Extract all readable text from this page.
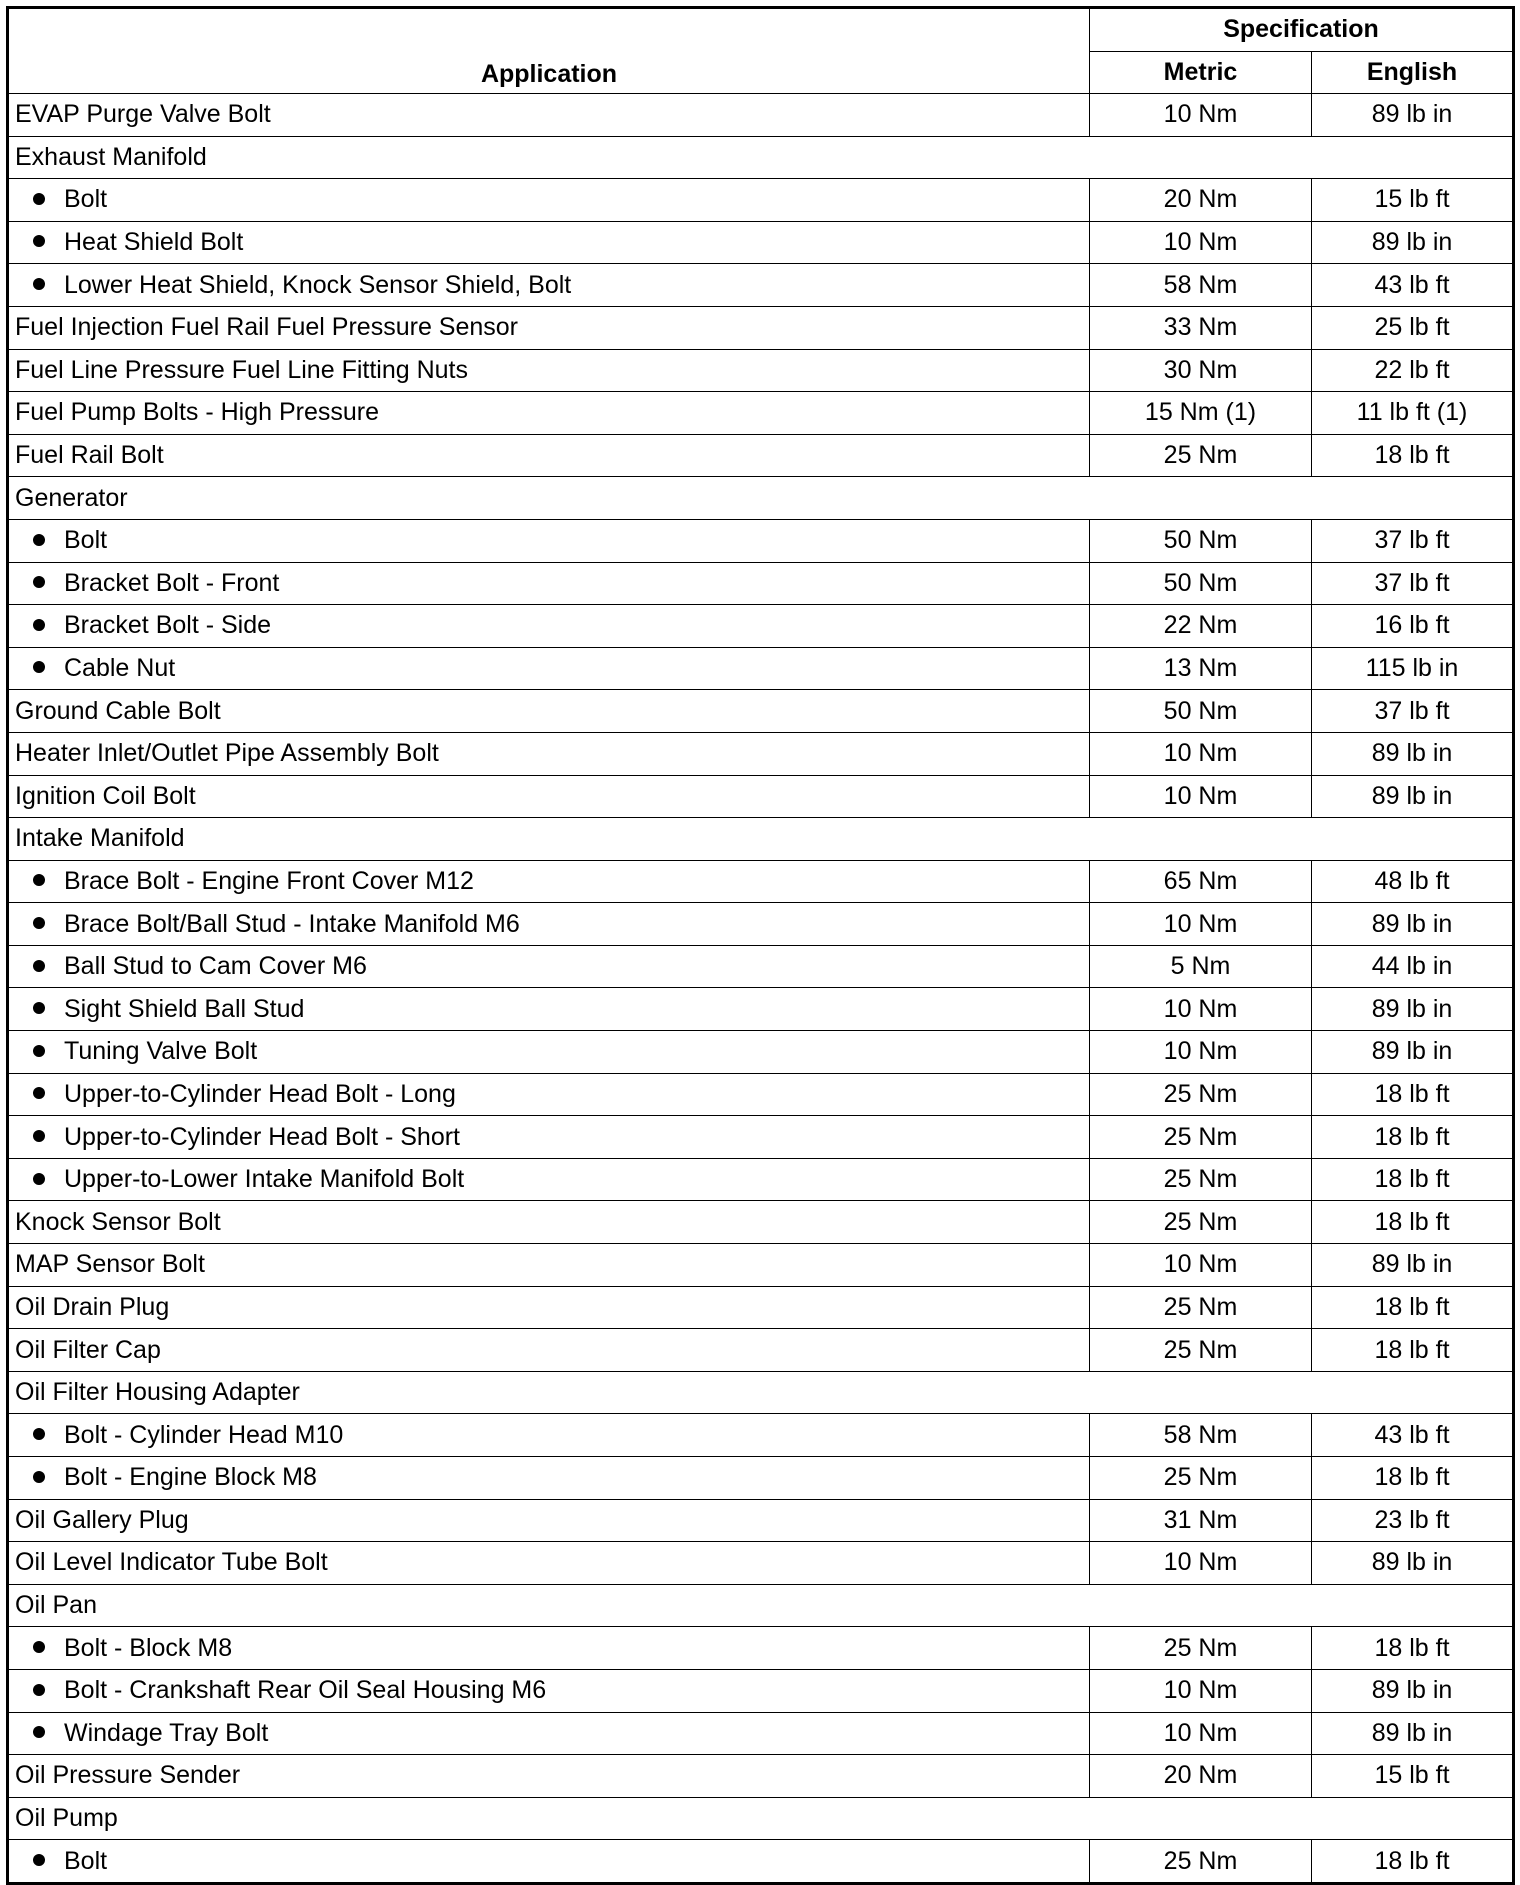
Application	Specification	
	Metric	English
EVAP Purge Valve Bolt	10 Nm	89 lb in
Exhaust Manifold		
Bolt	20 Nm	15 lb ft
Heat Shield Bolt	10 Nm	89 lb in
Lower Heat Shield, Knock Sensor Shield, Bolt	58 Nm	43 lb ft
Fuel Injection Fuel Rail Fuel Pressure Sensor	33 Nm	25 lb ft
Fuel Line Pressure Fuel Line Fitting Nuts	30 Nm	22 lb ft
Fuel Pump Bolts - High Pressure	15 Nm (1)	11 lb ft (1)
Fuel Rail Bolt	25 Nm	18 lb ft
Generator		
Bolt	50 Nm	37 lb ft
Bracket Bolt - Front	50 Nm	37 lb ft
Bracket Bolt - Side	22 Nm	16 lb ft
Cable Nut	13 Nm	115 lb in
Ground Cable Bolt	50 Nm	37 lb ft
Heater Inlet/Outlet Pipe Assembly Bolt	10 Nm	89 lb in
Ignition Coil Bolt	10 Nm	89 lb in
Intake Manifold		
Brace Bolt - Engine Front Cover M12	65 Nm	48 lb ft
Brace Bolt/Ball Stud - Intake Manifold M6	10 Nm	89 lb in
Ball Stud to Cam Cover M6	5 Nm	44 lb in
Sight Shield Ball Stud	10 Nm	89 lb in
Tuning Valve Bolt	10 Nm	89 lb in
Upper-to-Cylinder Head Bolt - Long	25 Nm	18 lb ft
Upper-to-Cylinder Head Bolt - Short	25 Nm	18 lb ft
Upper-to-Lower Intake Manifold Bolt	25 Nm	18 lb ft
Knock Sensor Bolt	25 Nm	18 lb ft
MAP Sensor Bolt	10 Nm	89 lb in
Oil Drain Plug	25 Nm	18 lb ft
Oil Filter Cap	25 Nm	18 lb ft
Oil Filter Housing Adapter		
Bolt - Cylinder Head M10	58 Nm	43 lb ft
Bolt - Engine Block M8	25 Nm	18 lb ft
Oil Gallery Plug	31 Nm	23 lb ft
Oil Level Indicator Tube Bolt	10 Nm	89 lb in
Oil Pan		
Bolt - Block M8	25 Nm	18 lb ft
Bolt - Crankshaft Rear Oil Seal Housing M6	10 Nm	89 lb in
Windage Tray Bolt	10 Nm	89 lb in
Oil Pressure Sender	20 Nm	15 lb ft
Oil Pump		
Bolt	25 Nm	18 lb ft
